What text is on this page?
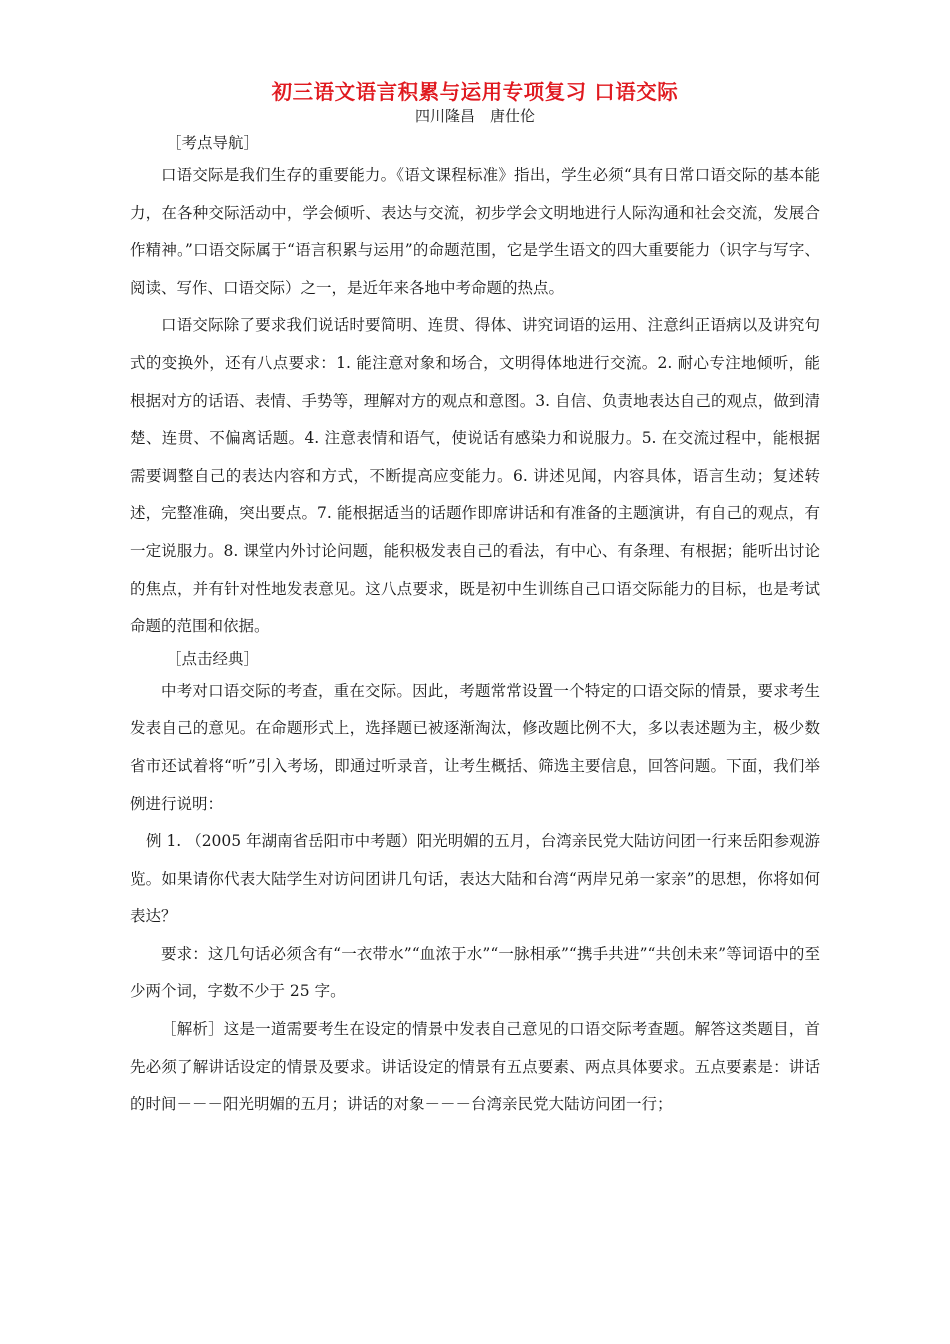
初三语文语言积累与运用专项复习 口语交际
四川隆昌　唐仕伦
［考点导航］

口语交际是我们生存的重要能力。《语文课程标准》指出，学生必须“具有日常口语交际的基本能力，在各种交际活动中，学会倾听、表达与交流，初步学会文明地进行人际沟通和社会交流，发展合作精神。”口语交际属于“语言积累与运用”的命题范围，它是学生语文的四大重要能力（识字与写字、阅读、写作、口语交际）之一，是近年来各地中考命题的热点。

口语交际除了要求我们说话时要简明、连贯、得体、讲究词语的运用、注意纠正语病以及讲究句式的变换外，还有八点要求：1. 能注意对象和场合，文明得体地进行交流。2. 耐心专注地倾听，能根据对方的话语、表情、手势等，理解对方的观点和意图。3. 自信、负责地表达自己的观点，做到清楚、连贯、不偏离话题。4. 注意表情和语气，使说话有感染力和说服力。5. 在交流过程中，能根据需要调整自己的表达内容和方式，不断提高应变能力。6. 讲述见闻，内容具体，语言生动；复述转述，完整准确，突出要点。7. 能根据适当的话题作即席讲话和有准备的主题演讲，有自己的观点，有一定说服力。8. 课堂内外讨论问题，能积极发表自己的看法，有中心、有条理、有根据；能听出讨论的焦点，并有针对性地发表意见。这八点要求，既是初中生训练自己口语交际能力的目标，也是考试命题的范围和依据。

［点击经典］

中考对口语交际的考查，重在交际。因此，考题常常设置一个特定的口语交际的情景，要求考生发表自己的意见。在命题形式上，选择题已被逐渐淘汰，修改题比例不大，多以表述题为主，极少数省市还试着将“听”引入考场，即通过听录音，让考生概括、筛选主要信息，回答问题。下面，我们举例进行说明：

例 1. （2005 年湖南省岳阳市中考题）阳光明媚的五月，台湾亲民党大陆访问团一行来岳阳参观游览。如果请你代表大陆学生对访问团讲几句话，表达大陆和台湾“两岸兄弟一家亲”的思想，你将如何表达？

要求：这几句话必须含有“一衣带水”“血浓于水”“一脉相承”“携手共进”“共创未来”等词语中的至少两个词，字数不少于 25 字。

［解析］这是一道需要考生在设定的情景中发表自己意见的口语交际考查题。解答这类题目，首先必须了解讲话设定的情景及要求。讲话设定的情景有五点要素、两点具体要求。五点要素是：讲话的时间－－－阳光明媚的五月；讲话的对象－－－台湾亲民党大陆访问团一行；
